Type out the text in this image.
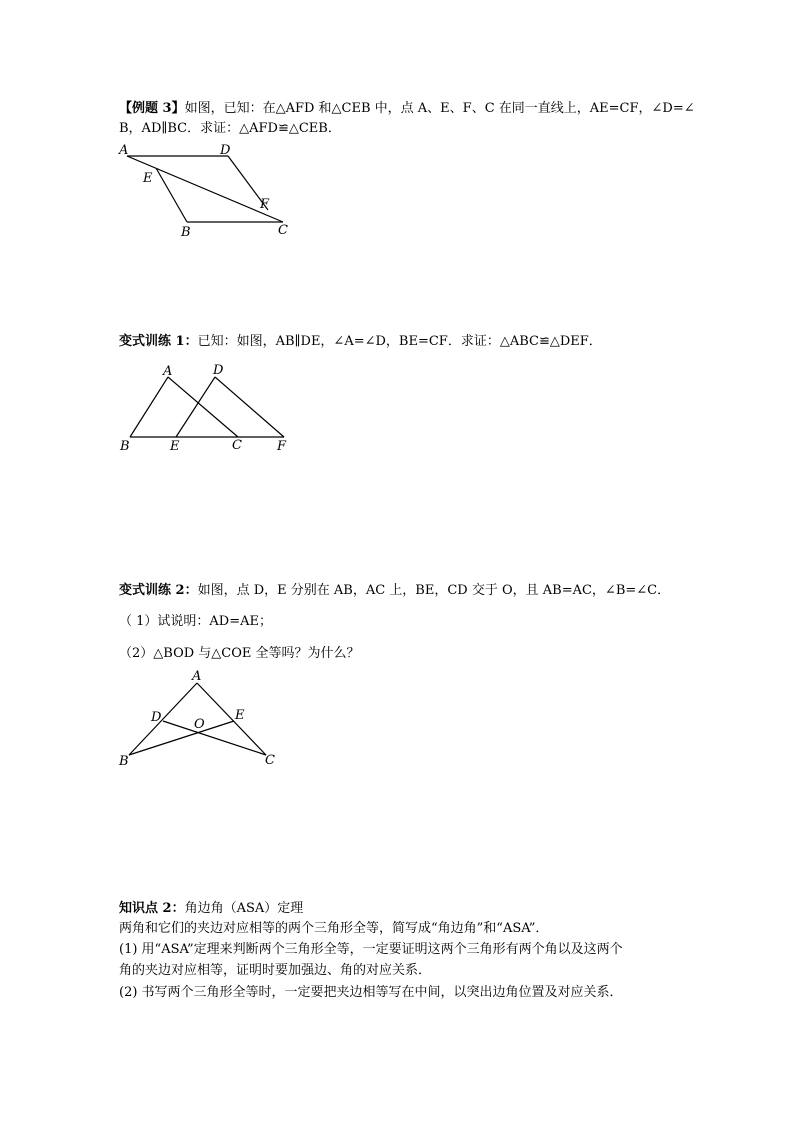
【例题 3】如图，已知：在△AFD 和△CEB 中，点 A、E、F、C 在同一直线上，AE=CF，∠D=∠
B，AD∥BC．求证：△AFD≌△CEB．
A	D
E
F
B	C
变式训练 1：已知：如图，AB∥DE，∠A=∠D，BE=CF．求证：△ABC≌△DEF．
A	D
B	E	C	F
变式训练 2：如图，点 D，E 分别在 AB，AC 上，BE，CD 交于 O，且 AB=AC，∠B=∠C．
（ 1）试说明：AD=AE；
（2）△BOD 与△COE 全等吗？为什么？
A
D	O
E
B	C
知识点 2：角边角（ASA）定理
两角和它们的夹边对应相等的两个三角形全等，简写成“角边角”和“ASA”．
(1) 用“ASA”定理来判断两个三角形全等，一定要证明这两个三角形有两个角以及这两个
角的夹边对应相等，证明时要加强边、角的对应关系．
(2) 书写两个三角形全等时，一定要把夹边相等写在中间，以突出边角位置及对应关系．
